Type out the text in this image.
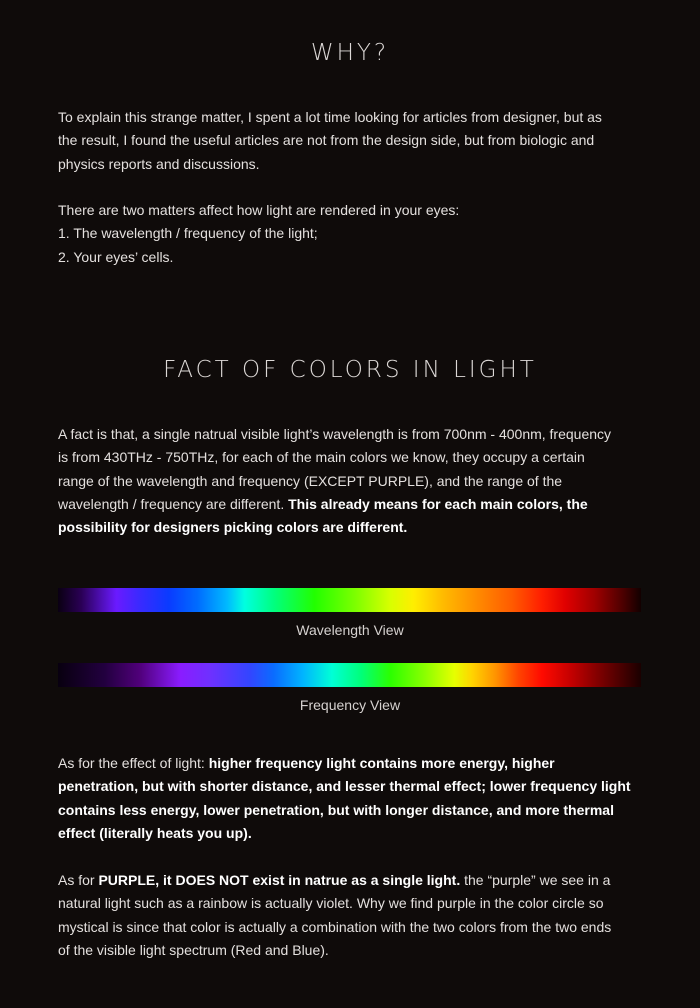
WHY?

To explain this strange matter, I spent a lot time looking for articles from designer, but as
the result, I found the useful articles are not from the design side, but from biologic and
physics reports and discussions.

There are two matters affect how light are rendered in your eyes:
1. The wavelength / frequency of the light;
2. Your eyes’ cells.

FACT OF COLORS IN LIGHT

A fact is that, a single natrual visible light’s wavelength is from 700nm - 400nm, frequency
is from 430THz - 750THz, for each of the main colors we know, they occupy a certain
range of the wavelength and frequency (EXCEPT PURPLE), and the range of the
wavelength / frequency are different. This already means for each main colors, the
possibility for designers picking colors are different.

Wavelength View

Frequency View

As for the effect of light: higher frequency light contains more energy, higher
penetration, but with shorter distance, and lesser thermal effect; lower frequency light
contains less energy, lower penetration, but with longer distance, and more thermal
effect (literally heats you up).

As for PURPLE, it DOES NOT exist in natrue as a single light. the “purple” we see in a
natural light such as a rainbow is actually violet. Why we find purple in the color circle so
mystical is since that color is actually a combination with the two colors from the two ends
of the visible light spectrum (Red and Blue).
